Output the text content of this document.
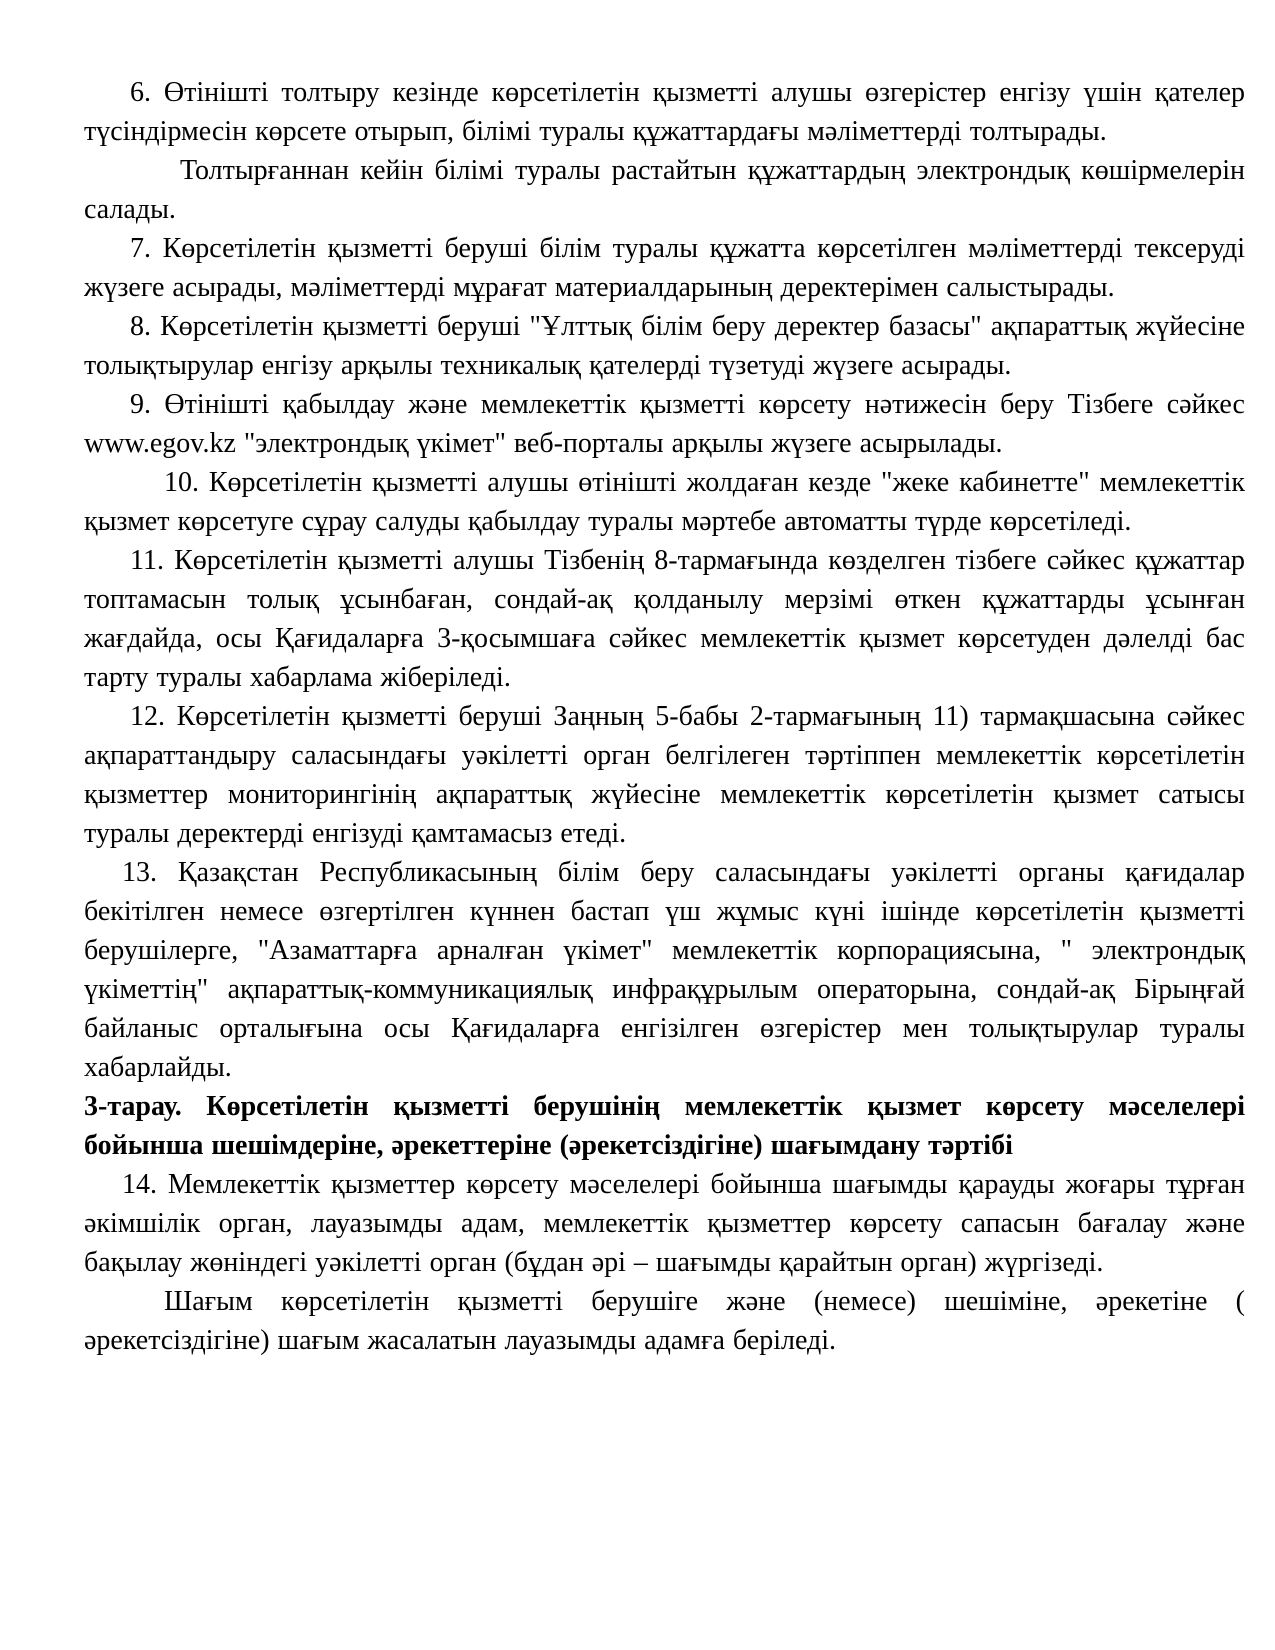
6. Өтінішті толтыру кезінде көрсетілетін қызметті алушы өзгерістер енгізу үшін қателер түсіндірмесін көрсете отырып, білімі туралы құжаттардағы мәліметтерді толтырады.

Толтырғаннан кейін білімі туралы растайтын құжаттардың электрондық көшірмелерін салады.

7. Көрсетілетін қызметті беруші білім туралы құжатта көрсетілген мәліметтерді тексеруді жүзеге асырады, мәліметтерді мұрағат материалдарының деректерімен салыстырады.

8. Көрсетілетін қызметті беруші "Ұлттық білім беру деректер базасы" ақпараттық жүйесіне толықтырулар енгізу арқылы техникалық қателерді түзетуді жүзеге асырады.

9. Өтінішті қабылдау және мемлекеттік қызметті көрсету нәтижесін беру Тізбеге сәйкес www.egov.kz "электрондық үкімет" веб-порталы арқылы жүзеге асырылады.

10. Көрсетілетін қызметті алушы өтінішті жолдаған кезде "жеке кабинетте" мемлекеттік қызмет көрсетуге сұрау салуды қабылдау туралы мәртебе автоматты түрде көрсетіледі.

11. Көрсетілетін қызметті алушы Тізбенің 8-тармағында көзделген тізбеге сәйкес құжаттар топтамасын толық ұсынбаған, сондай-ақ қолданылу мерзімі өткен құжаттарды ұсынған жағдайда, осы Қағидаларға 3-қосымшаға сәйкес мемлекеттік қызмет көрсетуден дәлелді бас тарту туралы хабарлама жіберіледі.

12. Көрсетілетін қызметті беруші Заңның 5-бабы 2-тармағының 11) тармақшасына сәйкес ақпараттандыру саласындағы уәкілетті орган белгілеген тәртіппен мемлекеттік көрсетілетін қызметтер мониторингінің ақпараттық жүйесіне мемлекеттік көрсетілетін қызмет сатысы туралы деректерді енгізуді қамтамасыз етеді.

13. Қазақстан Республикасының білім беру саласындағы уәкілетті органы қағидалар бекітілген немесе өзгертілген күннен бастап үш жұмыс күні ішінде көрсетілетін қызметті берушілерге, "Азаматтарға арналған үкімет" мемлекеттік корпорациясына, " электрондық үкіметтің" ақпараттық-коммуникациялық инфрақұрылым операторына, сондай-ақ Бірыңғай байланыс орталығына осы Қағидаларға енгізілген өзгерістер мен толықтырулар туралы хабарлайды.

3-тарау. Көрсетілетін қызметті берушінің мемлекеттік қызмет көрсету мәселелері бойынша шешімдеріне, әрекеттеріне (әрекетсіздігіне) шағымдану тәртібі

14. Мемлекеттік қызметтер көрсету мәселелері бойынша шағымды қарауды жоғары тұрған әкімшілік орган, лауазымды адам, мемлекеттік қызметтер көрсету сапасын бағалау және бақылау жөніндегі уәкілетті орган (бұдан әрі – шағымды қарайтын орган) жүргізеді.

Шағым көрсетілетін қызметті берушіге және (немесе) шешіміне, әрекетіне ( әрекетсіздігіне) шағым жасалатын лауазымды адамға беріледі.
